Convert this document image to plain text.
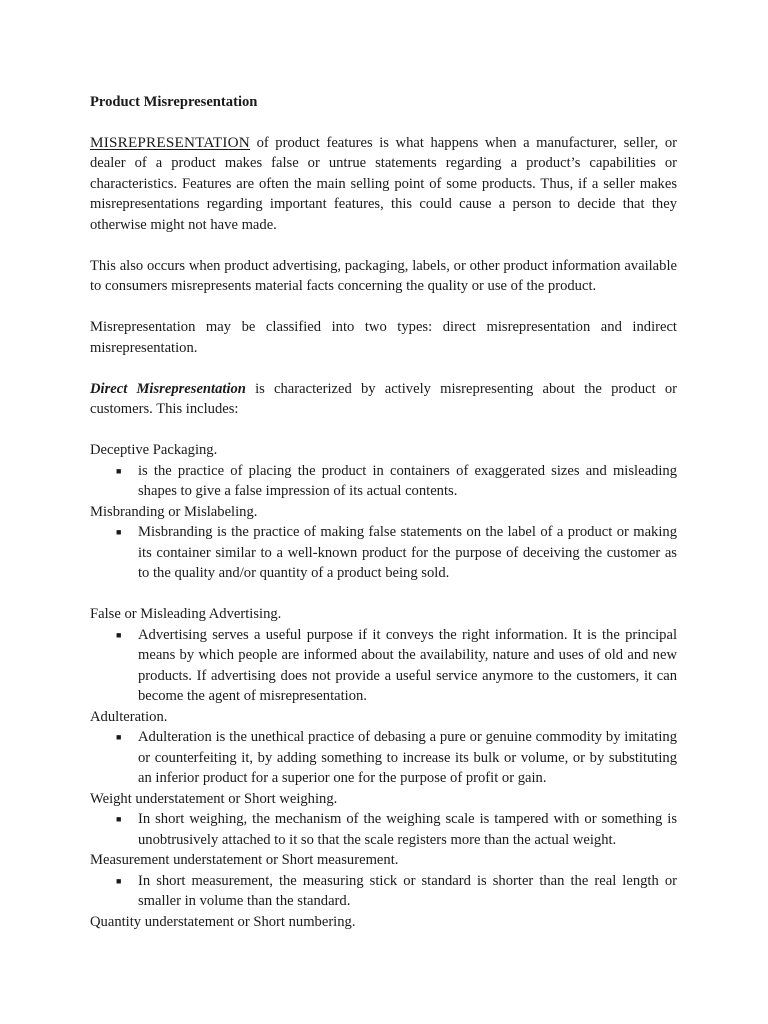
Product Misrepresentation

MISREPRESENTATION of product features is what happens when a manufacturer, seller, or dealer of a product makes false or untrue statements regarding a product’s capabilities or characteristics. Features are often the main selling point of some products. Thus, if a seller makes misrepresentations regarding important features, this could cause a person to decide that they otherwise might not have made.

This also occurs when product advertising, packaging, labels, or other product information available to consumers misrepresents material facts concerning the quality or use of the product.

Misrepresentation may be classified into two types: direct misrepresentation and indirect misrepresentation.

Direct Misrepresentation is characterized by actively misrepresenting about the product or customers. This includes:

Deceptive Packaging.
■ is the practice of placing the product in containers of exaggerated sizes and misleading shapes to give a false impression of its actual contents.
Misbranding or Mislabeling.
■ Misbranding is the practice of making false statements on the label of a product or making its container similar to a well-known product for the purpose of deceiving the customer as to the quality and/or quantity of a product being sold.
False or Misleading Advertising.
■ Advertising serves a useful purpose if it conveys the right information. It is the principal means by which people are informed about the availability, nature and uses of old and new products. If advertising does not provide a useful service anymore to the customers, it can become the agent of misrepresentation.
Adulteration.
■ Adulteration is the unethical practice of debasing a pure or genuine commodity by imitating or counterfeiting it, by adding something to increase its bulk or volume, or by substituting an inferior product for a superior one for the purpose of profit or gain.
Weight understatement or Short weighing.
■ In short weighing, the mechanism of the weighing scale is tampered with or something is unobtrusively attached to it so that the scale registers more than the actual weight.
Measurement understatement or Short measurement.
■ In short measurement, the measuring stick or standard is shorter than the real length or smaller in volume than the standard.
Quantity understatement or Short numbering.
